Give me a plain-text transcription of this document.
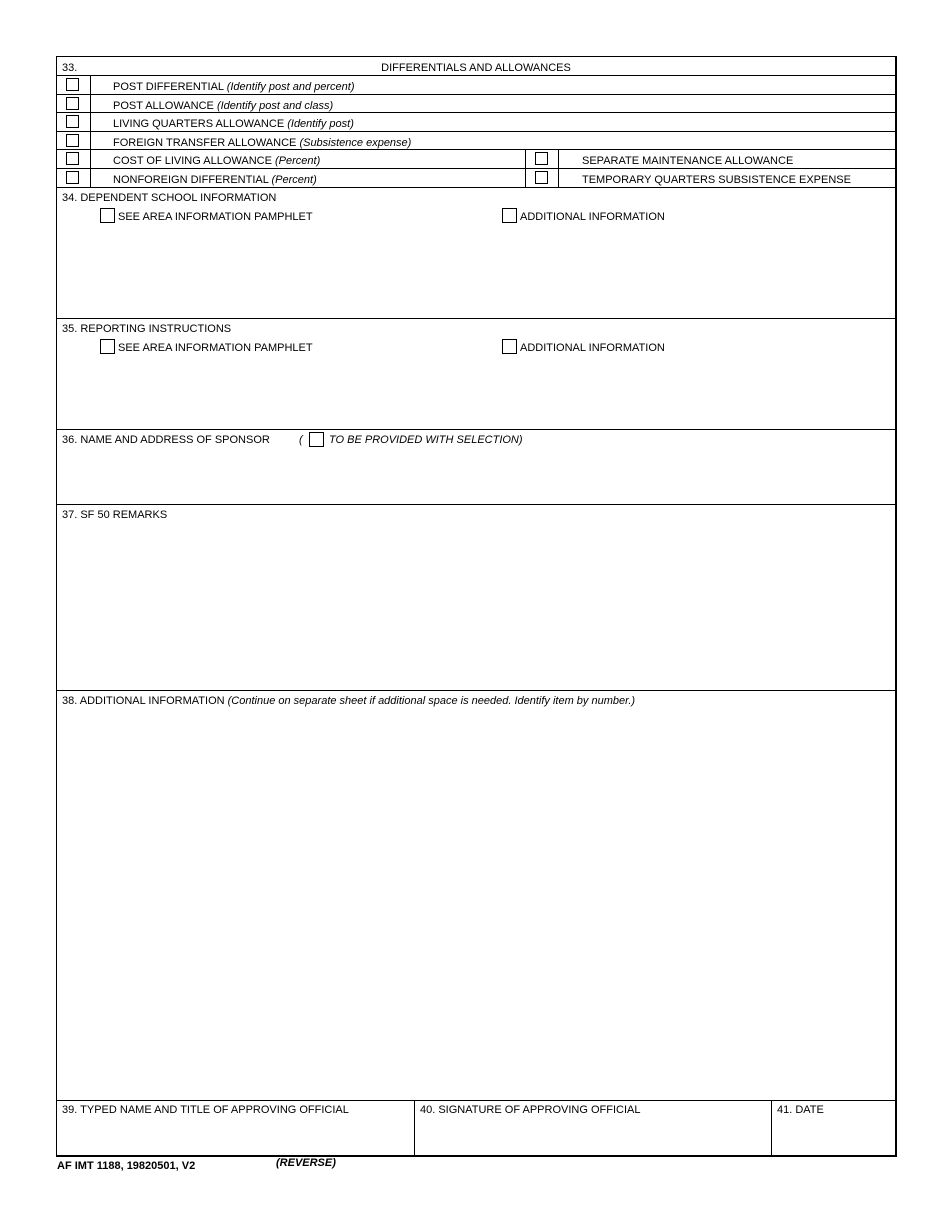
33.	DIFFERENTIALS AND ALLOWANCES
POST DIFFERENTIAL (Identify post and percent)
POST ALLOWANCE (Identify post and class)
LIVING QUARTERS ALLOWANCE (Identify post)
FOREIGN TRANSFER ALLOWANCE (Subsistence expense)
COST OF LIVING ALLOWANCE (Percent)	SEPARATE MAINTENANCE ALLOWANCE
NONFOREIGN DIFFERENTIAL (Percent)	TEMPORARY QUARTERS SUBSISTENCE EXPENSE
34. DEPENDENT SCHOOL INFORMATION
SEE AREA INFORMATION PAMPHLET	ADDITIONAL INFORMATION
35. REPORTING INSTRUCTIONS
SEE AREA INFORMATION PAMPHLET	ADDITIONAL INFORMATION
36. NAME AND ADDRESS OF SPONSOR	( TO BE PROVIDED WITH SELECTION)
37. SF 50 REMARKS
38. ADDITIONAL INFORMATION (Continue on separate sheet if additional space is needed. Identify item by number.)
39. TYPED NAME AND TITLE OF APPROVING OFFICIAL	40. SIGNATURE OF APPROVING OFFICIAL	41. DATE
AF IMT 1188, 19820501, V2	(REVERSE)
